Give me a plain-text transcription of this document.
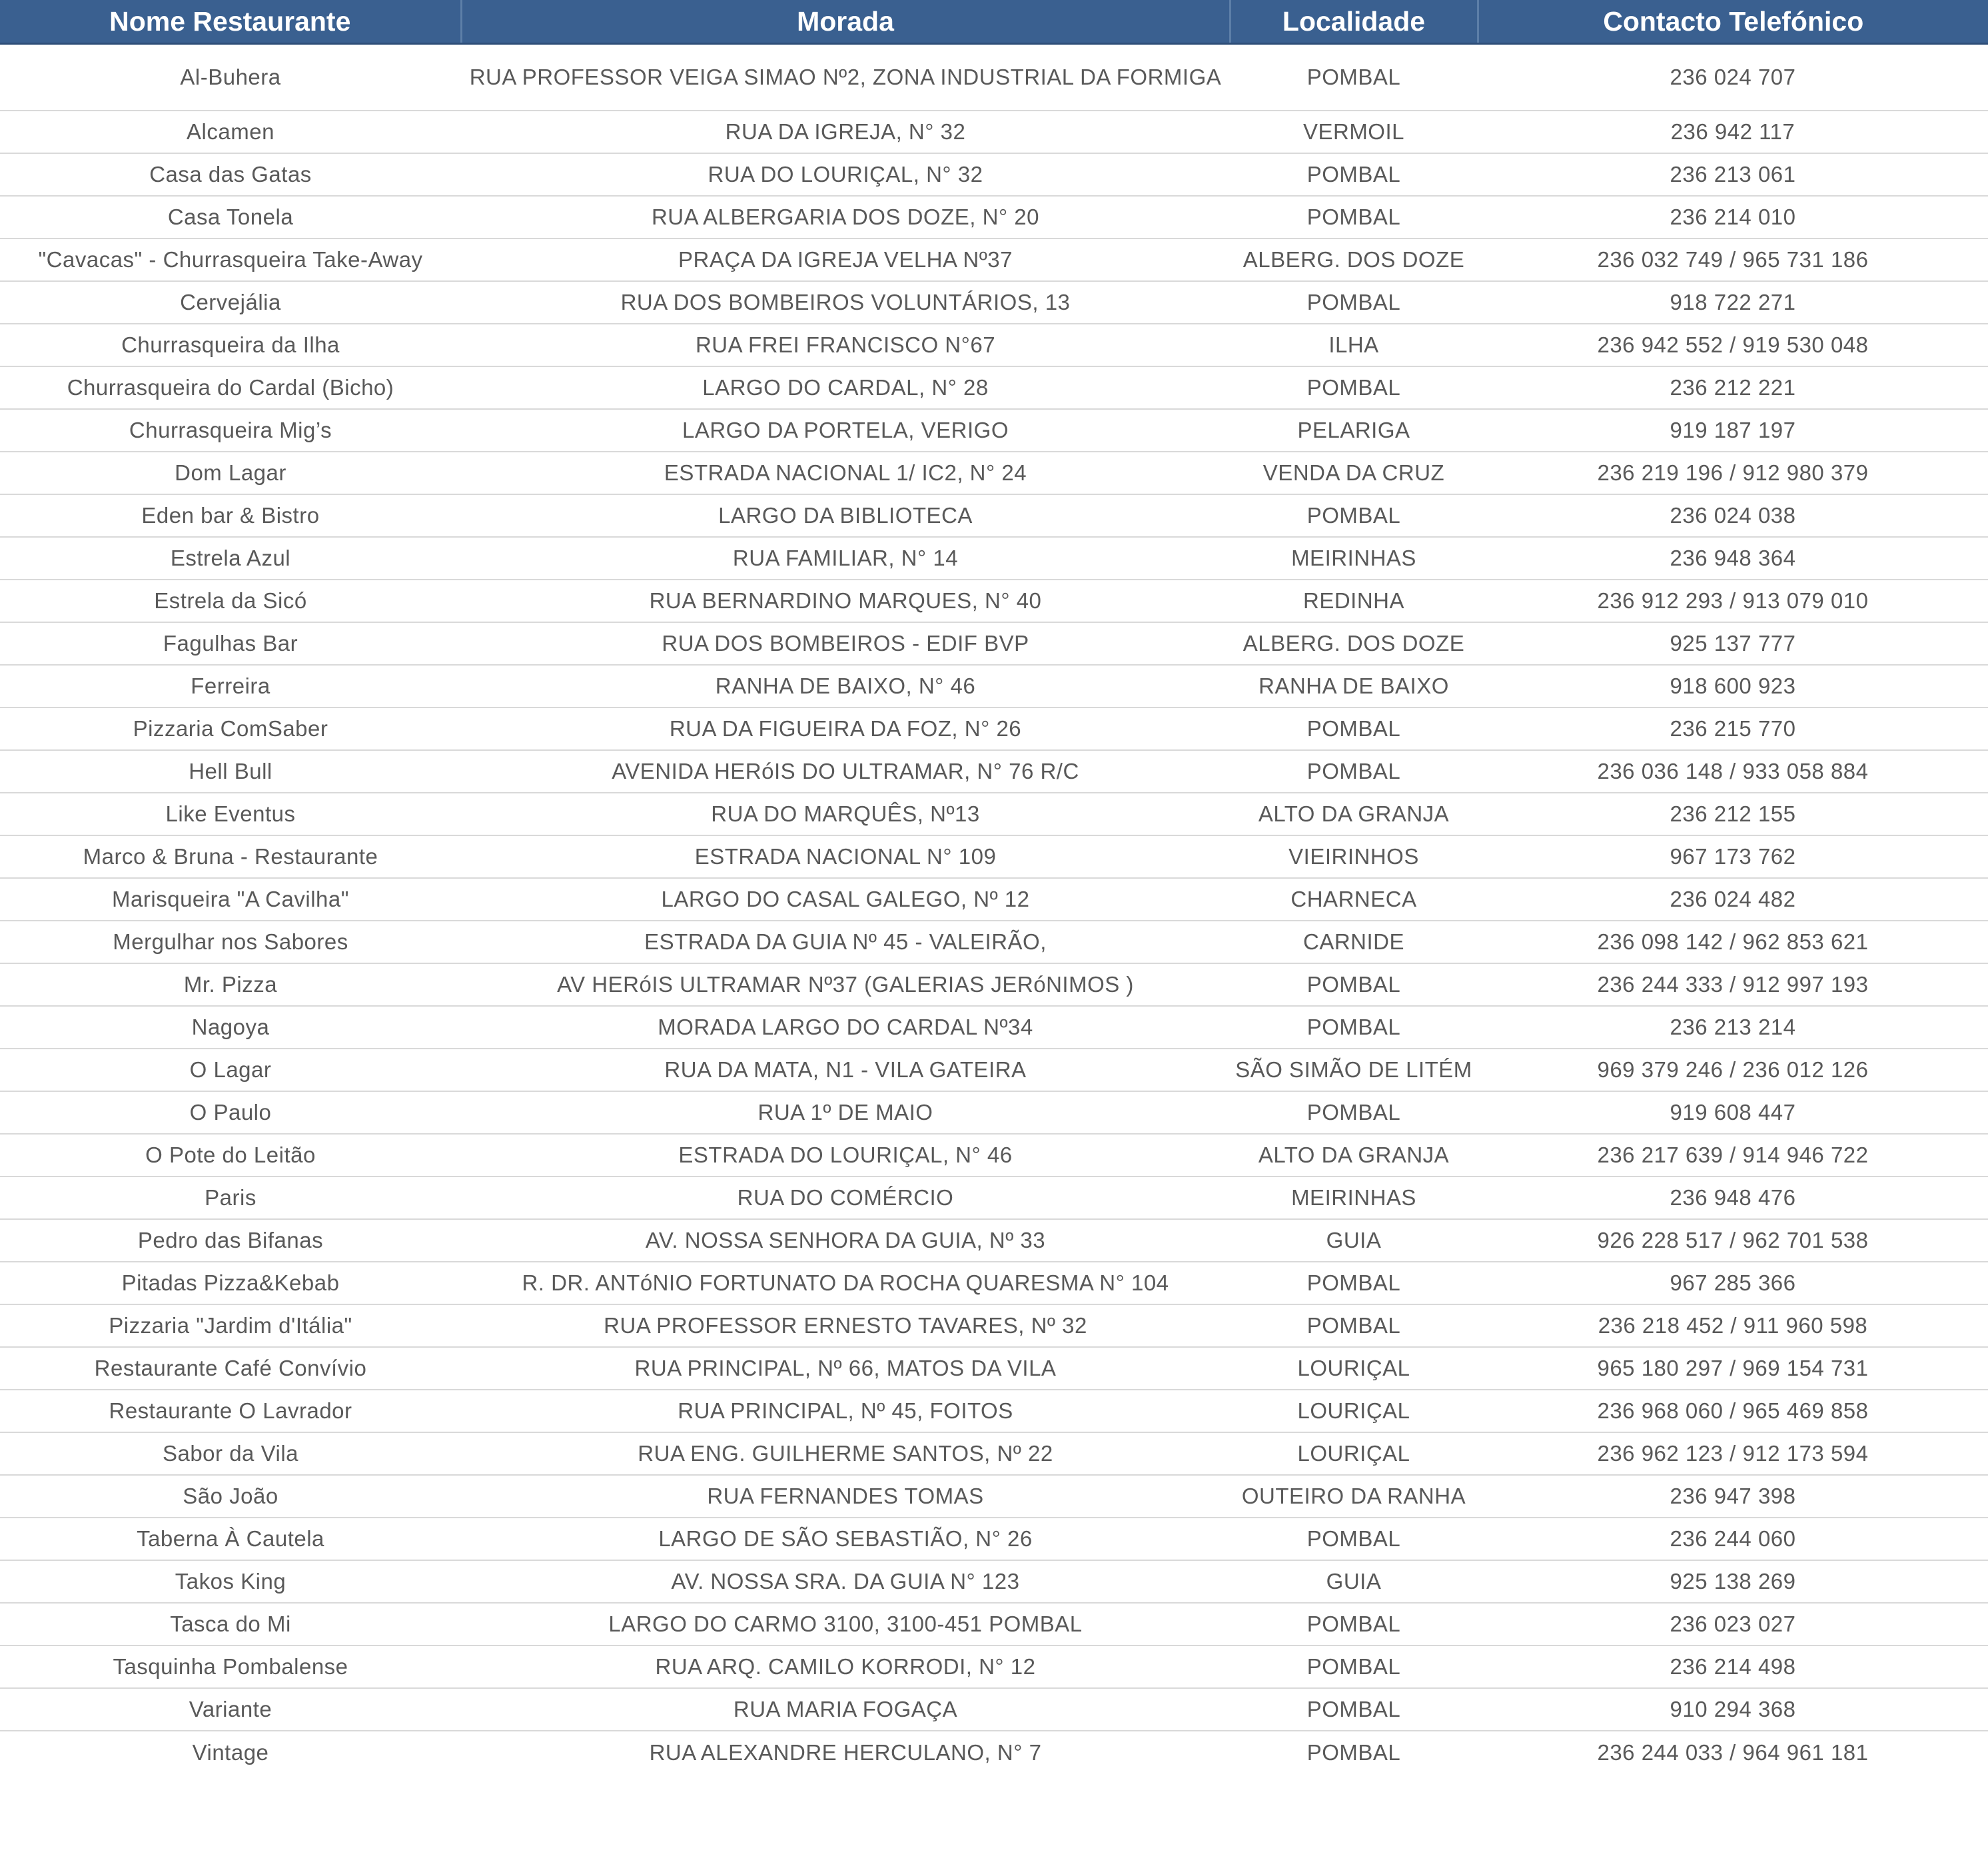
Nome Restaurante	Morada	Localidade	Contacto Telefónico
Al-Buhera	RUA PROFESSOR VEIGA SIMAO Nº2, ZONA INDUSTRIAL DA FORMIGA	POMBAL	236 024 707
Alcamen	RUA DA IGREJA, N° 32	VERMOIL	236 942 117
Casa das Gatas	RUA DO LOURIÇAL, N° 32	POMBAL	236 213 061
Casa Tonela	RUA ALBERGARIA DOS DOZE, N° 20	POMBAL	236 214 010
"Cavacas" - Churrasqueira Take-Away	PRAÇA DA IGREJA VELHA Nº37	ALBERG. DOS DOZE	236 032 749 / 965 731 186
Cervejália	RUA DOS BOMBEIROS VOLUNTÁRIOS, 13	POMBAL	918 722 271
Churrasqueira da Ilha	RUA FREI FRANCISCO N°67	ILHA	236 942 552 / 919 530 048
Churrasqueira do Cardal (Bicho)	LARGO DO CARDAL, N° 28	POMBAL	236 212 221
Churrasqueira Mig’s	LARGO DA PORTELA, VERIGO	PELARIGA	919 187 197
Dom Lagar	ESTRADA NACIONAL 1/ IC2, N° 24	VENDA DA CRUZ	236 219 196 / 912 980 379
Eden bar & Bistro	LARGO DA BIBLIOTECA	POMBAL	236 024 038
Estrela Azul	RUA FAMILIAR, N° 14	MEIRINHAS	236 948 364
Estrela da Sicó	RUA BERNARDINO MARQUES, N° 40	REDINHA	236 912 293 / 913 079 010
Fagulhas Bar	RUA DOS BOMBEIROS - EDIF BVP	ALBERG. DOS DOZE	925 137 777
Ferreira	RANHA DE BAIXO, N° 46	RANHA DE BAIXO	918 600 923
Pizzaria ComSaber	RUA DA FIGUEIRA DA FOZ, N° 26	POMBAL	236 215 770
Hell Bull	AVENIDA HERóIS DO ULTRAMAR, N° 76 R/C	POMBAL	236 036 148 / 933 058 884
Like Eventus	RUA DO MARQUÊS, Nº13	ALTO DA GRANJA	236 212 155
Marco & Bruna - Restaurante	ESTRADA NACIONAL N° 109	VIEIRINHOS	967 173 762
Marisqueira "A Cavilha"	LARGO DO CASAL GALEGO, Nº 12	CHARNECA	236 024 482
Mergulhar nos Sabores	ESTRADA DA GUIA Nº 45 - VALEIRÃO,	CARNIDE	236 098 142 / 962 853 621
Mr. Pizza	AV HERóIS ULTRAMAR Nº37 (GALERIAS JERóNIMOS )	POMBAL	236 244 333 / 912 997 193
Nagoya	MORADA LARGO DO CARDAL Nº34	POMBAL	236 213 214
O Lagar	RUA DA MATA, N1 - VILA GATEIRA	SÃO SIMÃO DE LITÉM	969 379 246 / 236 012 126
O Paulo	RUA 1º DE MAIO	POMBAL	919 608 447
O Pote do Leitão	ESTRADA DO LOURIÇAL, N° 46	ALTO DA GRANJA	236 217 639 / 914 946 722
Paris	RUA DO COMÉRCIO	MEIRINHAS	236 948 476
Pedro das Bifanas	AV. NOSSA SENHORA DA GUIA, Nº 33	GUIA	926 228 517 / 962 701 538
Pitadas Pizza&Kebab	R. DR. ANTóNIO FORTUNATO DA ROCHA QUARESMA N° 104	POMBAL	967 285 366
Pizzaria "Jardim d'Itália"	RUA PROFESSOR ERNESTO TAVARES, Nº 32	POMBAL	236 218 452 / 911 960 598
Restaurante Café Convívio	RUA PRINCIPAL, Nº 66, MATOS DA VILA	LOURIÇAL	965 180 297 / 969 154 731
Restaurante O Lavrador	RUA PRINCIPAL, Nº 45, FOITOS	LOURIÇAL	236 968 060 / 965 469 858
Sabor da Vila	RUA ENG. GUILHERME SANTOS, Nº 22	LOURIÇAL	236 962 123 / 912 173 594
São João	RUA FERNANDES TOMAS	OUTEIRO DA RANHA	236 947 398
Taberna À Cautela	LARGO DE SÃO SEBASTIÃO, N° 26	POMBAL	236 244 060
Takos King	AV. NOSSA SRA. DA GUIA N° 123	GUIA	925 138 269
Tasca do Mi	LARGO DO CARMO 3100, 3100-451 POMBAL	POMBAL	236 023 027
Tasquinha Pombalense	RUA ARQ. CAMILO KORRODI, N° 12	POMBAL	236 214 498
Variante	RUA MARIA FOGAÇA	POMBAL	910 294 368
Vintage	RUA ALEXANDRE HERCULANO, N° 7	POMBAL	236 244 033 / 964 961 181
